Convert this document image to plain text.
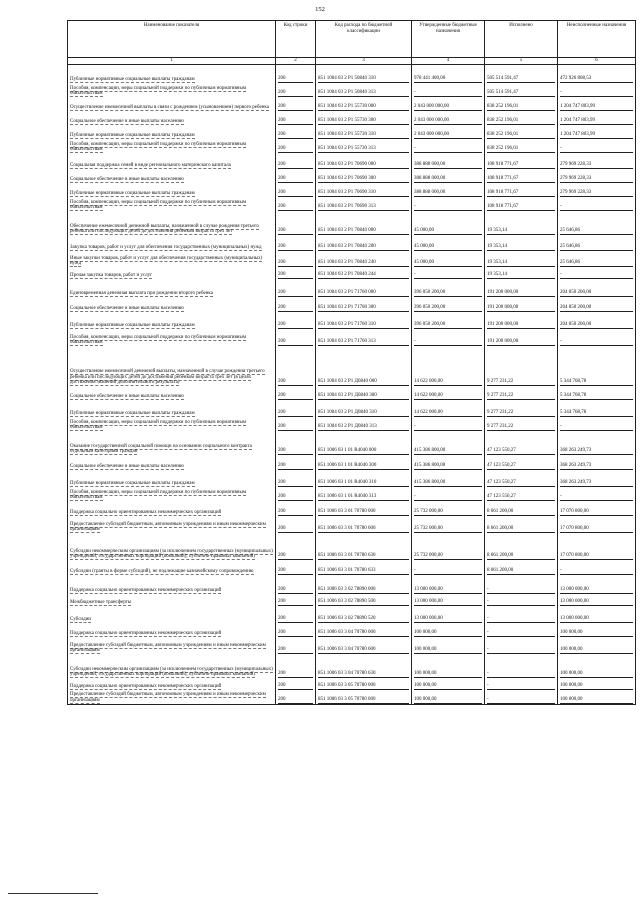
152
Наименование показателя	Код строки	Код расхода по бюджетной классификации	Утвержденные бюджетные назначения	Исполнено	Неисполненные назначения
1	2	3	4	5	6

Публичные нормативные социальные выплаты гражданам	200	851 1004 03 2 P1 50840 310	978 441 400,00	505 514 591,47	472 926 808,53

Пособия, компенсации, меры социальной поддержки по публичным нормативным обязательствам	200	851 1004 03 2 P1 50840 313	-	505 514 591,47	-

Осуществление ежемесячной выплаты в связи с рождением (усыновлением) первого ребенка	200	851 1004 03 2 P1 55730 000	2 043 000 000,00	838 252 196,01	1 204 747 803,99

Социальное обеспечение и иные выплаты населению	200	851 1004 03 2 P1 55730 300	2 043 000 000,00	838 252 196,01	1 204 747 803,99

Публичные нормативные социальные выплаты гражданам	200	851 1004 03 2 P1 55730 310	2 043 000 000,00	838 252 196,01	1 204 747 803,99

Пособия, компенсации, меры социальной поддержки по публичным нормативным обязательствам	200	851 1004 03 2 P1 55730 313	-	838 252 196,01	-

Социальная поддержка семей в виде регионального материнского капитала	200	851 1004 03 2 P1 70690 000	388 888 000,00	108 918 771,67	279 969 228,33

Социальное обеспечение и иные выплаты населению	200	851 1004 03 2 P1 70690 300	388 888 000,00	108 918 771,67	279 969 228,33

Публичные нормативные социальные выплаты гражданам	200	851 1004 03 2 P1 70690 310	388 888 000,00	108 918 771,67	279 969 228,33

Пособия, компенсации, меры социальной поддержки по публичным нормативным обязательствам	200	851 1004 03 2 P1 70690 313	-	108 918 771,67	-

Обеспечение ежемесячной денежной выплаты, назначенной в случае рождения третьего ребенка или последующих детей до достижения ребенком возраста трех лет	200	851 1004 03 2 P1 70840 000	45 000,00	19 353,14	25 646,86

Закупка товаров, работ и услуг для обеспечения государственных (муниципальных) нужд	200	851 1004 03 2 P1 70840 200	45 000,00	19 353,14	25 646,86

Иные закупки товаров, работ и услуг для обеспечения государственных (муниципальных) нужд	200	851 1004 03 2 P1 70840 240	45 000,00	19 353,14	25 646,86

Прочая закупка товаров, работ и услуг	200	851 1004 03 2 P1 70840 244	-	19 353,14	-

Единовременная денежная выплата при рождении второго ребенка	200	851 1004 03 2 P1 71760 000	396 050 200,00	191 200 000,00	204 850 200,00

Социальное обеспечение и иные выплаты населению	200	851 1004 03 2 P1 71760 300	396 050 200,00	191 200 000,00	204 850 200,00

Публичные нормативные социальные выплаты гражданам	200	851 1004 03 2 P1 71760 310	396 050 200,00	191 200 000,00	204 850 200,00

Пособия, компенсации, меры социальной поддержки по публичным нормативным обязательствам	200	851 1004 03 2 P1 71760 313	-	191 200 000,00	-

Осуществление ежемесячной денежной выплаты, назначенной в случае рождения третьего ребенка или последующих детей до достижения ребенком возраста трех лет (в целях достижения значений дополнительного результата)	200	851 1004 03 2 P1 Д0840 000	14 622 000,00	9 277 231,22	5 344 768,78

Социальное обеспечение и иные выплаты населению	200	851 1004 03 2 P1 Д0840 300	14 622 000,00	9 277 231,22	5 344 768,78

Публичные нормативные социальные выплаты гражданам	200	851 1004 03 2 P1 Д0840 310	14 622 000,00	9 277 231,22	5 344 768,78

Пособия, компенсации, меры социальной поддержки по публичным нормативным обязательствам	200	851 1004 03 2 P1 Д0840 313	-	9 277 231,22	-

Оказание государственной социальной помощи на основании социального контракта отдельным категориям граждан	200	851 1006 03 1 01 R4040 000	415 386 800,00	47 123 550,27	368 263 249,73

Социальное обеспечение и иные выплаты населению	200	851 1006 03 1 01 R4040 300	415 386 800,00	47 123 550,27	368 263 249,73

Публичные нормативные социальные выплаты гражданам	200	851 1006 03 1 01 R4040 310	415 386 800,00	47 123 550,27	368 263 249,73

Пособия, компенсации, меры социальной поддержки по публичным нормативным обязательствам	200	851 1006 03 1 01 R4040 313	-	47 123 550,27	-

Поддержка социально ориентированных некоммерческих организаций	200	851 1006 03 3 01 70780 000	25 732 000,00	8 661 200,00	17 070 800,00

Предоставление субсидий бюджетным, автономным учреждениям и иным некоммерческим организациям	200	851 1006 03 3 01 70780 600	25 732 000,00	8 661 200,00	17 070 800,00

Субсидии некоммерческим организациям (за исключением государственных (муниципальных) учреждений, государственных корпораций (компаний), публично-правовых компаний)	200	851 1006 03 3 01 70780 630	25 732 000,00	8 661 200,00	17 070 800,00

Субсидии (гранты в форме субсидий), не подлежащие казначейскому сопровождению	200	851 1006 03 3 01 70780 633	-	8 661 200,00	-

Поддержка социально ориентированных некоммерческих организаций	200	851 1006 03 3 02 78890 000	13 000 000,00	-	13 000 000,00

Межбюджетные трансферты	200	851 1006 03 3 02 78890 500	13 000 000,00	-	13 000 000,00

Субсидии	200	851 1006 03 3 02 78890 520	13 000 000,00	-	13 000 000,00

Поддержка социально ориентированных некоммерческих организаций	200	851 1006 03 3 04 70780 000	100 000,00	-	100 000,00

Предоставление субсидий бюджетным, автономным учреждениям и иным некоммерческим организациям	200	851 1006 03 3 04 70780 600	100 000,00	-	100 000,00

Субсидии некоммерческим организациям (за исключением государственных (муниципальных) учреждений, государственных корпораций (компаний), публично-правовых компаний)	200	851 1006 03 3 04 70780 630	100 000,00	-	100 000,00

Поддержка социально ориентированных некоммерческих организаций	200	851 1006 03 3 05 70780 000	100 000,00	-	100 000,00

Предоставление субсидий бюджетным, автономным учреждениям и иным некоммерческим организациям	200	851 1006 03 3 05 70780 600	100 000,00	-	100 000,00
